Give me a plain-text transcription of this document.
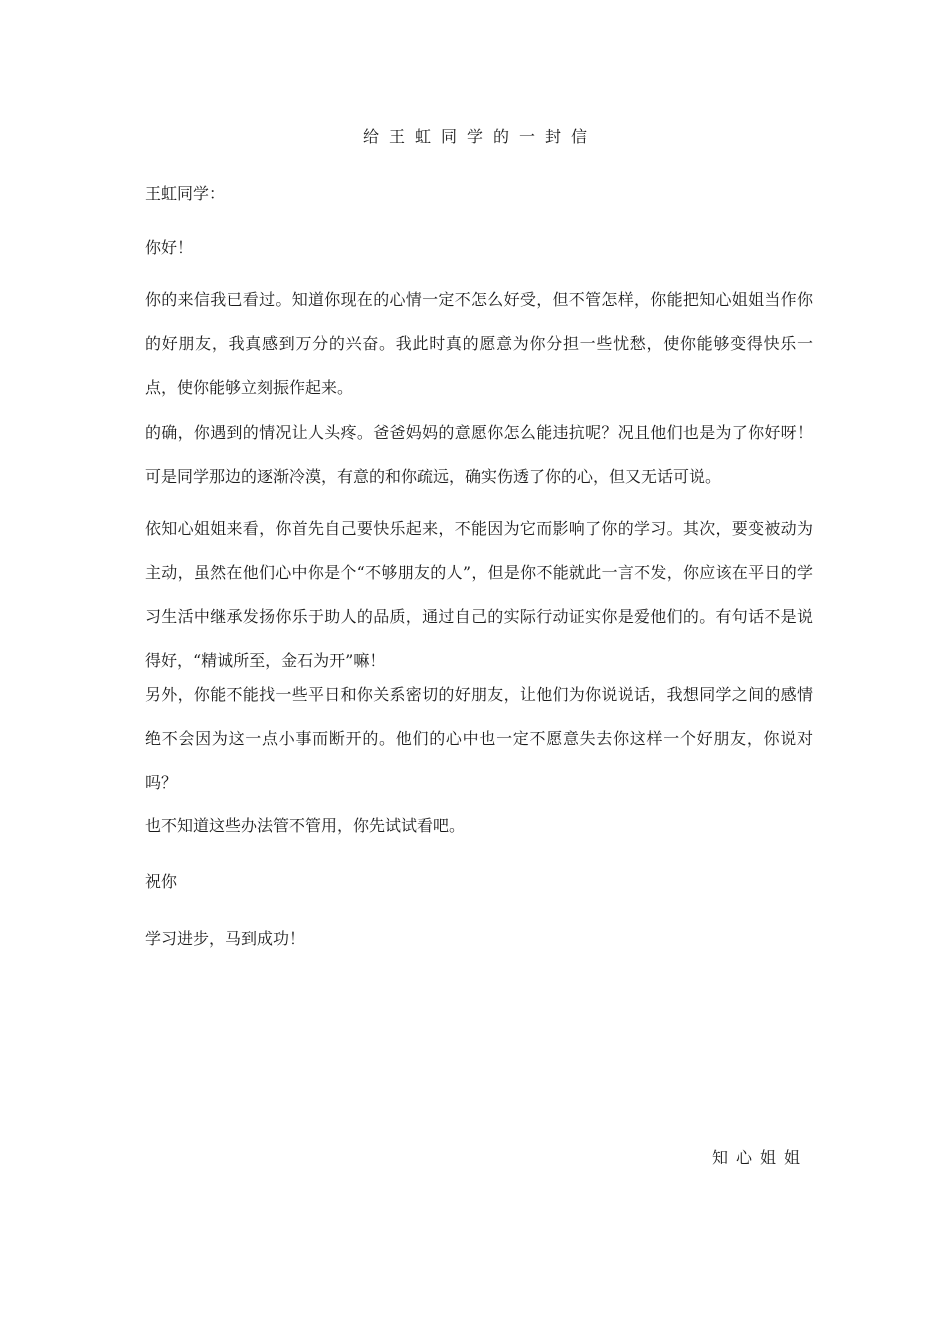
给王虹同学的一封信
王虹同学：
你好！
你的来信我已看过。知道你现在的心情一定不怎么好受，但不管怎样，你能把知心姐姐当作你的好朋友，我真感到万分的兴奋。我此时真的愿意为你分担一些忧愁，使你能够变得快乐一点，使你能够立刻振作起来。
的确，你遇到的情况让人头疼。爸爸妈妈的意愿你怎么能违抗呢？况且他们也是为了你好呀！可是同学那边的逐渐冷漠，有意的和你疏远，确实伤透了你的心，但又无话可说。
依知心姐姐来看，你首先自己要快乐起来，不能因为它而影响了你的学习。其次，要变被动为主动，虽然在他们心中你是个“不够朋友的人”，但是你不能就此一言不发，你应该在平日的学习生活中继承发扬你乐于助人的品质，通过自己的实际行动证实你是爱他们的。有句话不是说得好，“精诚所至，金石为开”嘛！
另外，你能不能找一些平日和你关系密切的好朋友，让他们为你说说话，我想同学之间的感情绝不会因为这一点小事而断开的。他们的心中也一定不愿意失去你这样一个好朋友，你说对吗？
也不知道这些办法管不管用，你先试试看吧。
祝你
学习进步，马到成功！
知心姐姐
